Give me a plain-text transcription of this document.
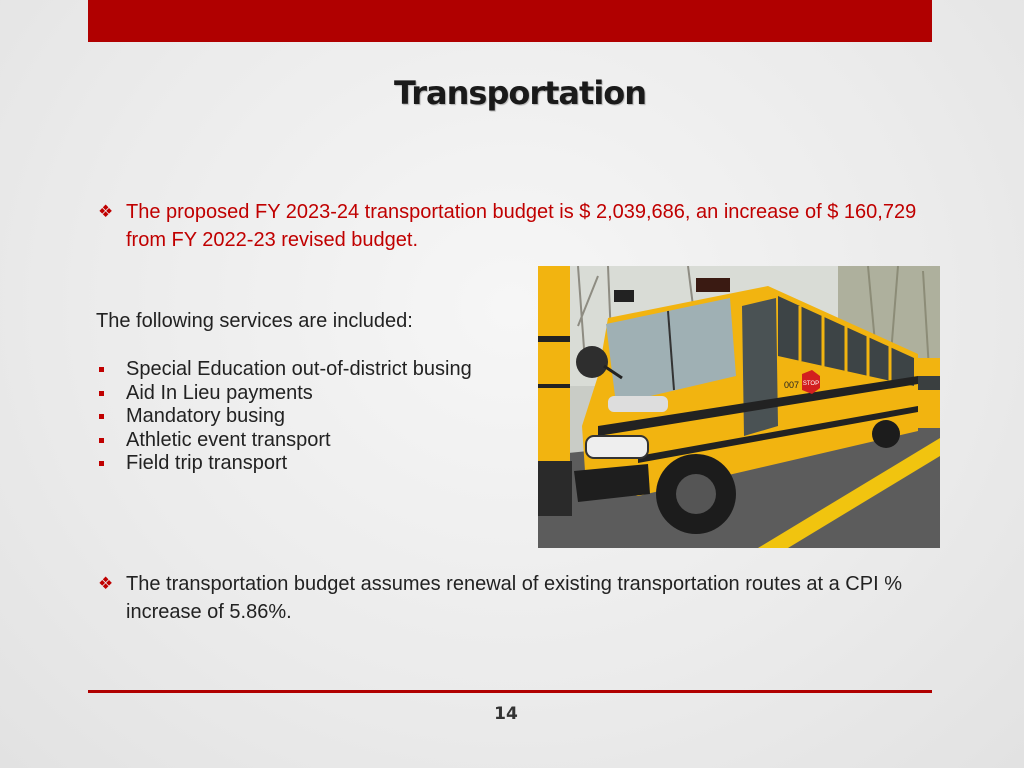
Transportation
❖ The proposed FY 2023-24 transportation budget is $ 2,039,686, an increase of $ 160,729 from FY 2022-23 revised budget.
The following services are included:
Special Education out-of-district busing
Aid In Lieu payments
Mandatory busing
Athletic event transport
Field trip transport
STOP
007
❖ The transportation budget assumes renewal of existing transportation routes at a CPI % increase of 5.86%.
14
